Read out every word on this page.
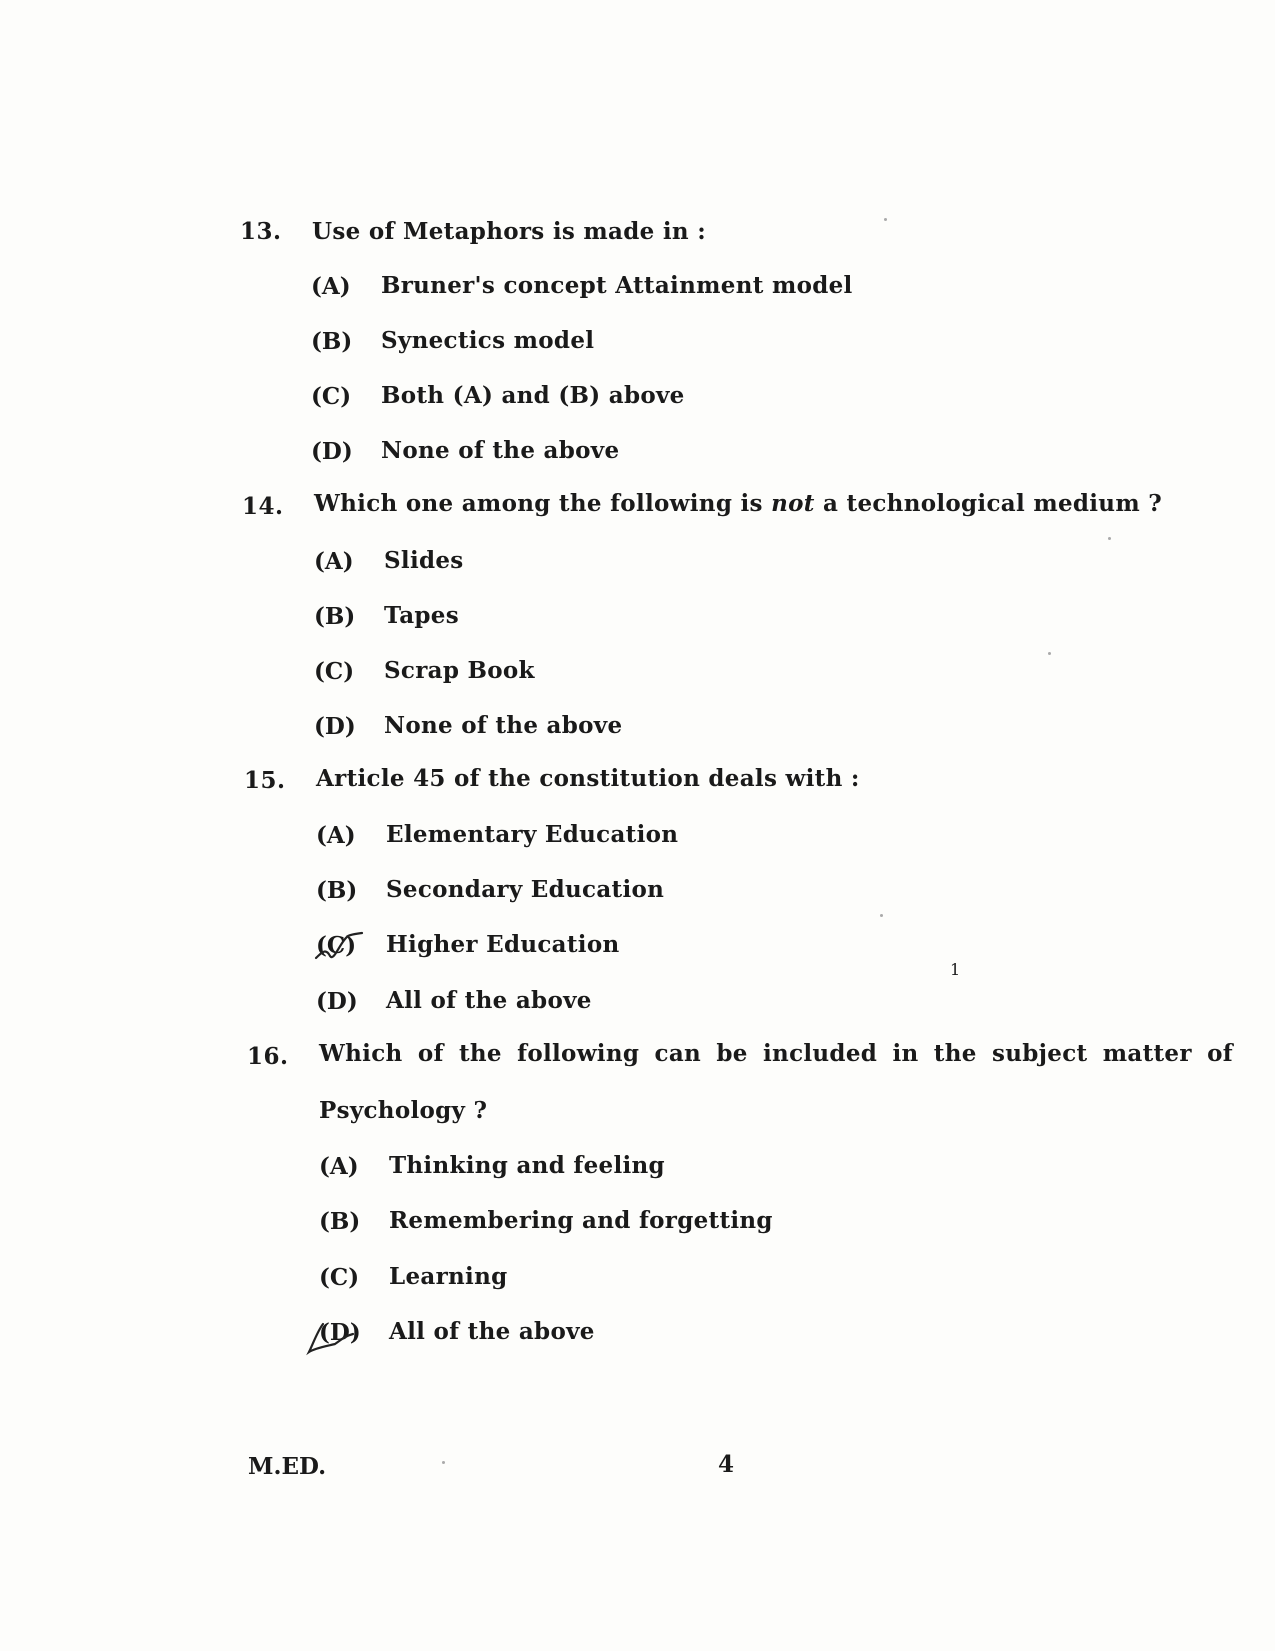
13. Use of Metaphors is made in :
(A) Bruner's concept Attainment model
(B) Synectics model
(C) Both (A) and (B) above
(D) None of the above
14. Which one among the following is not a technological medium ?
(A) Slides
(B) Tapes
(C) Scrap Book
(D) None of the above
15. Article 45 of the constitution deals with :
(A) Elementary Education
(B) Secondary Education
(C) Higher Education
(D) All of the above
1
16. Which of the following can be included in the subject matter of
Psychology ?
(A) Thinking and feeling
(B) Remembering and forgetting
(C) Learning
(D) All of the above
M.ED.	4
